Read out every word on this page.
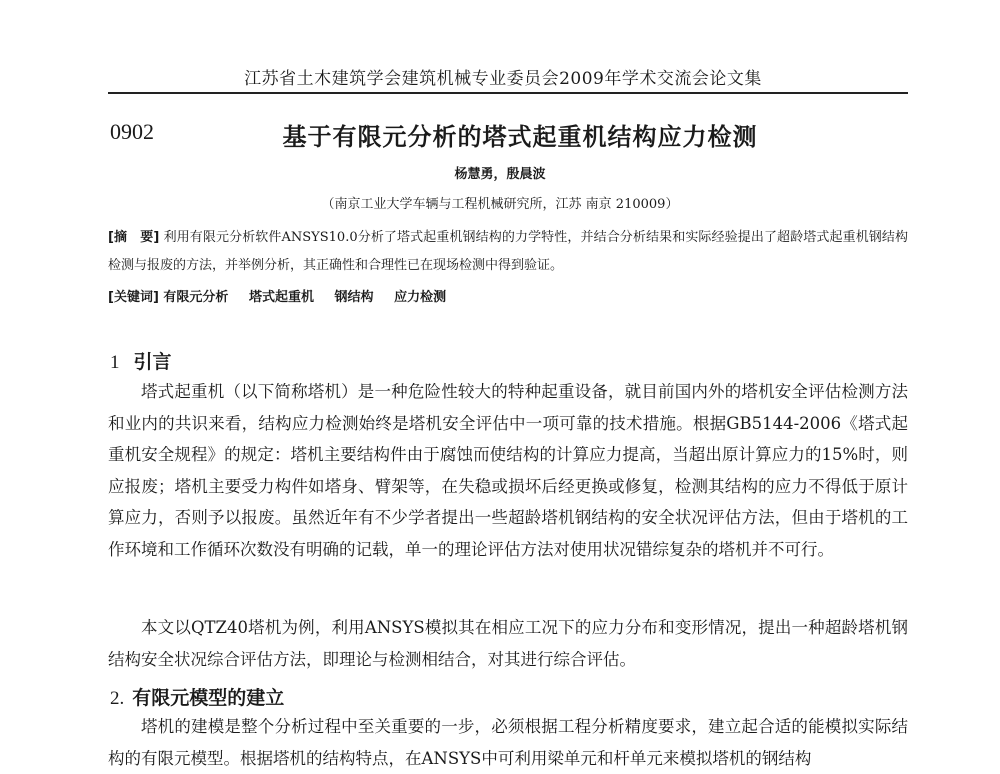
江苏省土木建筑学会建筑机械专业委员会2009年学术交流会论文集
0902	基于有限元分析的塔式起重机结构应力检测
杨慧勇，殷晨波
（南京工业大学车辆与工程机械研究所，江苏 南京 210009）
[摘　要] 利用有限元分析软件ANSYS10.0分析了塔式起重机钢结构的力学特性，并结合分析结果和实际经验提出了超龄塔式起重机钢结构检测与报废的方法，并举例分析，其正确性和合理性已在现场检测中得到验证。
[关键词] 有限元分析 塔式起重机 钢结构 应力检测
1 引言
塔式起重机（以下简称塔机）是一种危险性较大的特种起重设备，就目前国内外的塔机安全评估检测方法和业内的共识来看，结构应力检测始终是塔机安全评估中一项可靠的技术措施。根据GB5144-2006《塔式起重机安全规程》的规定：塔机主要结构件由于腐蚀而使结构的计算应力提高，当超出原计算应力的15%时，则应报废；塔机主要受力构件如塔身、臂架等，在失稳或损坏后经更换或修复，检测其结构的应力不得低于原计算应力，否则予以报废。虽然近年有不少学者提出一些超龄塔机钢结构的安全状况评估方法，但由于塔机的工作环境和工作循环次数没有明确的记载，单一的理论评估方法对使用状况错综复杂的塔机并不可行。
本文以QTZ40塔机为例，利用ANSYS模拟其在相应工况下的应力分布和变形情况，提出一种超龄塔机钢结构安全状况综合评估方法，即理论与检测相结合，对其进行综合评估。
2. 有限元模型的建立
塔机的建模是整个分析过程中至关重要的一步，必须根据工程分析精度要求，建立起合适的能模拟实际结构的有限元模型。根据塔机的结构特点，在ANSYS中可利用梁单元和杆单元来模拟塔机的钢结构
